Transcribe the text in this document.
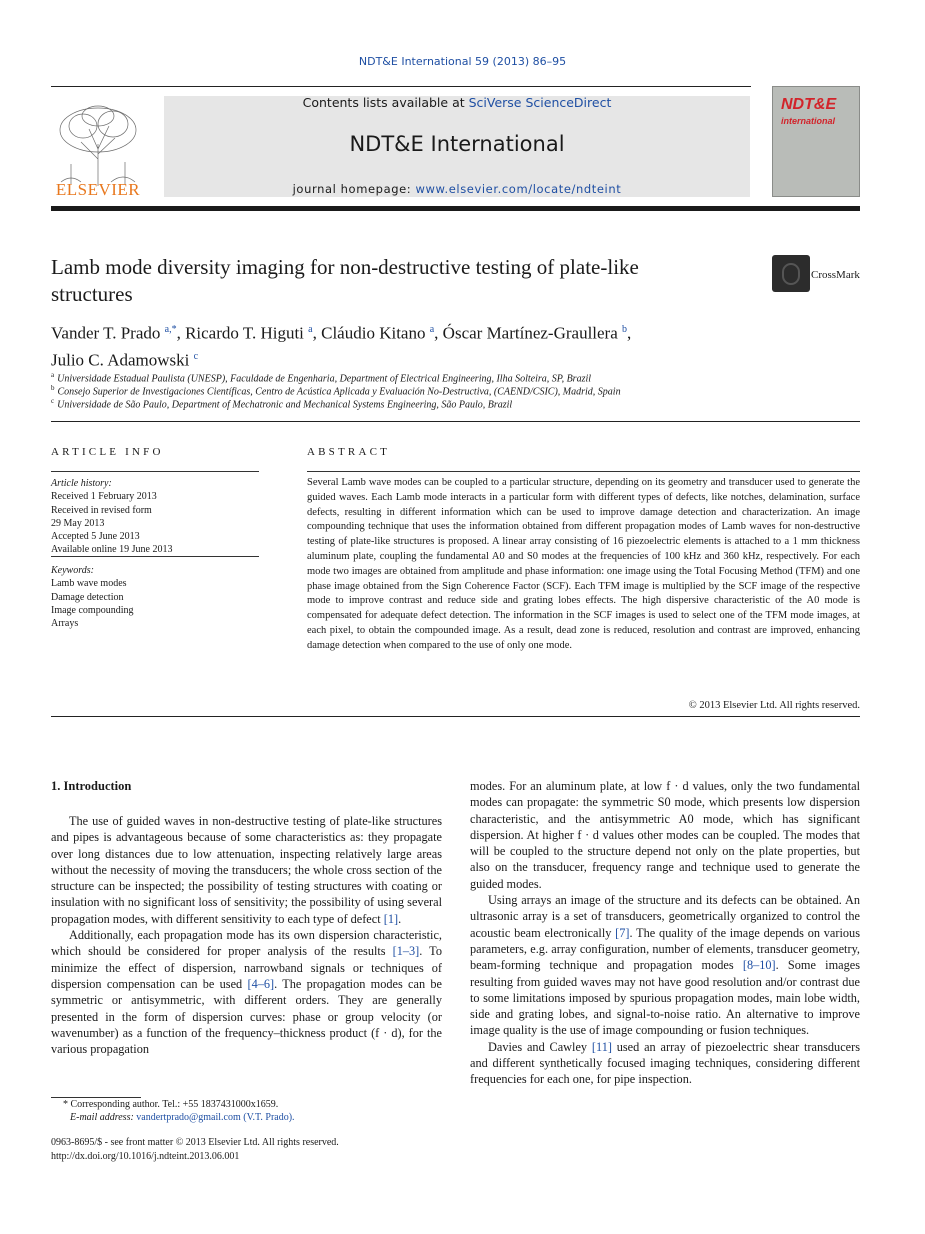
NDT&E International 59 (2013) 86–95
ELSEVIER
Contents lists available at SciVerse ScienceDirect
NDT&E International
journal homepage: www.elsevier.com/locate/ndteint
NDT&E
international
Lamb mode diversity imaging for non-destructive testing of plate-like structures
CrossMark
Vander T. Prado $^{a,*}$, Ricardo T. Higuti $^a$, Cláudio Kitano $^a$, Óscar Martínez-Graullera $^b$,
Julio C. Adamowski $^c$
$^a$ Universidade Estadual Paulista (UNESP), Faculdade de Engenharia, Department of Electrical Engineering, Ilha Solteira, SP, Brazil
$^b$ Consejo Superior de Investigaciones Científicas, Centro de Acústica Aplicada y Evaluación No-Destructiva, (CAEND/CSIC), Madrid, Spain
$^c$ Universidade de São Paulo, Department of Mechatronic and Mechanical Systems Engineering, São Paulo, Brazil
ARTICLE INFO	ABSTRACT
Article history:
Received 1 February 2013
Received in revised form
29 May 2013
Accepted 5 June 2013
Available online 19 June 2013
Keywords:
Lamb wave modes
Damage detection
Image compounding
Arrays
Several Lamb wave modes can be coupled to a particular structure, depending on its geometry and transducer used to generate the guided waves. Each Lamb mode interacts in a particular form with different types of defects, like notches, delamination, surface defects, resulting in different information which can be used to improve damage detection and characterization. An image compounding technique that uses the information obtained from different propagation modes of Lamb waves for non-destructive testing of plate-like structures is proposed. A linear array consisting of 16 piezoelectric elements is attached to a 1 mm thickness aluminum plate, coupling the fundamental A0 and S0 modes at the frequencies of 100 kHz and 360 kHz, respectively. For each mode two images are obtained from amplitude and phase information: one image using the Total Focusing Method (TFM) and one phase image obtained from the Sign Coherence Factor (SCF). Each TFM image is multiplied by the SCF image of the respective mode to improve contrast and reduce side and grating lobes effects. The high dispersive characteristic of the A0 mode is compensated for adequate defect detection. The information in the SCF images is used to select one of the TFM mode images, at each pixel, to obtain the compounded image. As a result, dead zone is reduced, resolution and contrast are improved, enhancing damage detection when compared to the use of only one mode.
© 2013 Elsevier Ltd. All rights reserved.
1. Introduction

The use of guided waves in non-destructive testing of plate-like structures and pipes is advantageous because of some characteristics as: they propagate over long distances due to low attenuation, inspecting relatively large areas without the necessity of moving the transducers; the whole cross section of the structure can be inspected; the possibility of testing structures with coating or insulation with no significant loss of sensitivity; the possibility of using several propagation modes, with different sensitivity to each type of defect [1].

Additionally, each propagation mode has its own dispersion characteristic, which should be considered for proper analysis of the results [1–3]. To minimize the effect of dispersion, narrowband signals or techniques of dispersion compensation can be used [4–6]. The propagation modes can be symmetric or antisymmetric, with different orders. They are generally presented in the form of dispersion curves: phase or group velocity (or wavenumber) as a function of the frequency–thickness product (f · d), for the various propagation

modes. For an aluminum plate, at low f · d values, only the two fundamental modes can propagate: the symmetric S0 mode, which presents low dispersion characteristic, and the antisymmetric A0 mode, which has significant dispersion. At higher f · d values other modes can be coupled. The modes that will be coupled to the structure depend not only on the plate properties, but also on the transducer, frequency range and technique used to generate the guided modes.

Using arrays an image of the structure and its defects can be obtained. An ultrasonic array is a set of transducers, geometrically organized to control the acoustic beam electronically [7]. The quality of the image depends on various parameters, e.g. array configuration, number of elements, transducer geometry, beam-forming technique and propagation modes [8–10]. Some images resulting from guided waves may not have good resolution and/or contrast due to some limitations imposed by spurious propagation modes, main lobe width, side and grating lobes, and signal-to-noise ratio. An alternative to improve image quality is the use of image compounding or fusion techniques.

Davies and Cawley [11] used an array of piezoelectric shear transducers and different synthetically focused imaging techniques, considering different frequencies for each one, for pipe inspection.

* Corresponding author. Tel.: +55 1837431000x1659.
E-mail address: vandertprado@gmail.com (V.T. Prado).
0963-8695/$ - see front matter © 2013 Elsevier Ltd. All rights reserved.
http://dx.doi.org/10.1016/j.ndteint.2013.06.001
